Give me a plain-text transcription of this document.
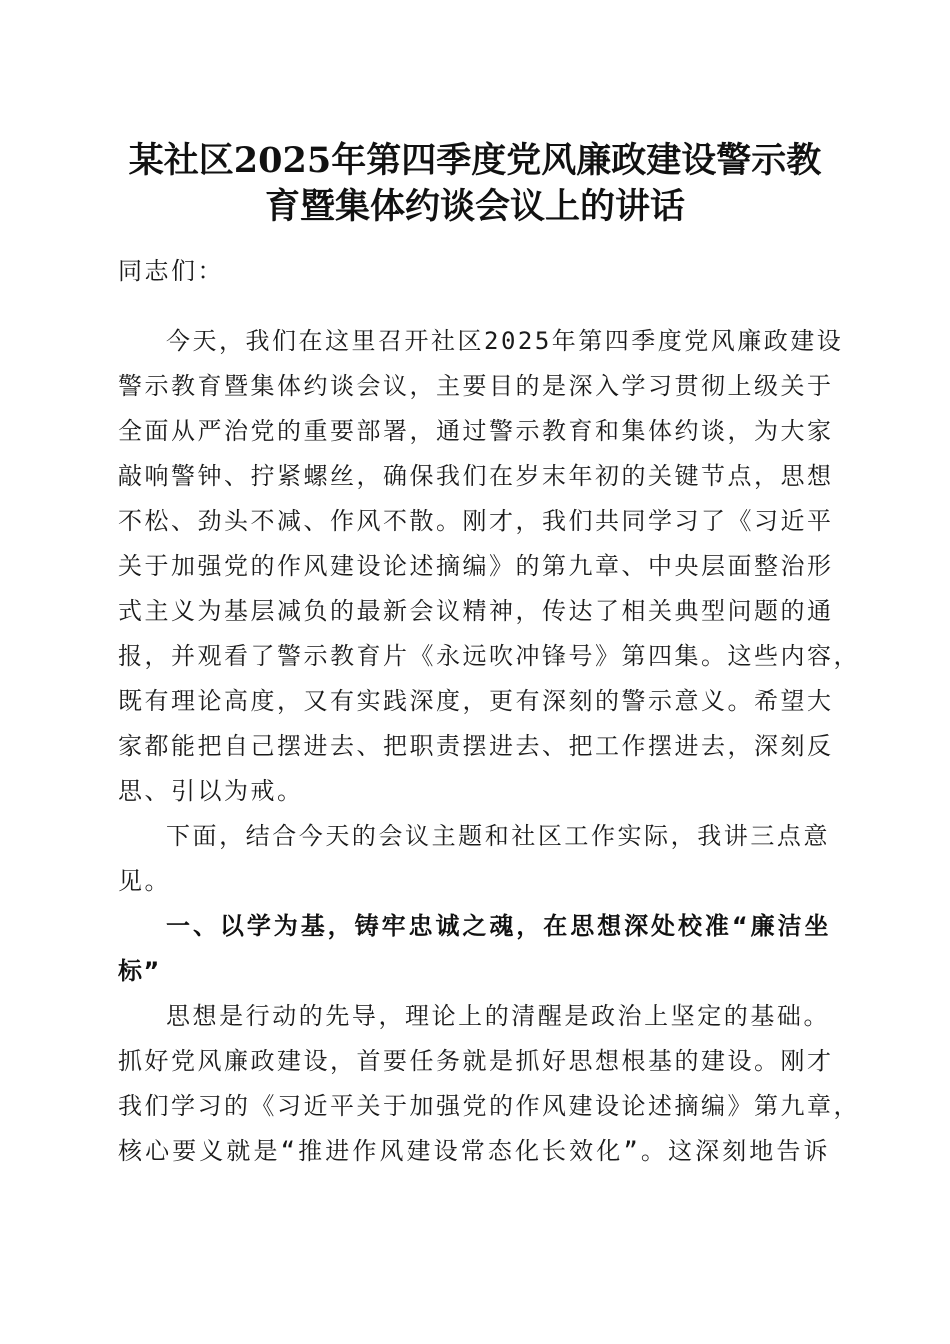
某社区2025年第四季度党风廉政建设警示教
育暨集体约谈会议上的讲话
同志们：
今天，我们在这里召开社区2025年第四季度党风廉政建设
警示教育暨集体约谈会议，主要目的是深入学习贯彻上级关于
全面从严治党的重要部署，通过警示教育和集体约谈，为大家
敲响警钟、拧紧螺丝，确保我们在岁末年初的关键节点，思想
不松、劲头不减、作风不散。刚才，我们共同学习了《习近平
关于加强党的作风建设论述摘编》的第九章、中央层面整治形
式主义为基层减负的最新会议精神，传达了相关典型问题的通
报，并观看了警示教育片《永远吹冲锋号》第四集。这些内容，
既有理论高度，又有实践深度，更有深刻的警示意义。希望大
家都能把自己摆进去、把职责摆进去、把工作摆进去，深刻反
思、引以为戒。
下面，结合今天的会议主题和社区工作实际，我讲三点意
见。
一、以学为基，铸牢忠诚之魂，在思想深处校准“廉洁坐
标”
思想是行动的先导，理论上的清醒是政治上坚定的基础。
抓好党风廉政建设，首要任务就是抓好思想根基的建设。刚才
我们学习的《习近平关于加强党的作风建设论述摘编》第九章，
核心要义就是“推进作风建设常态化长效化”。这深刻地告诉
